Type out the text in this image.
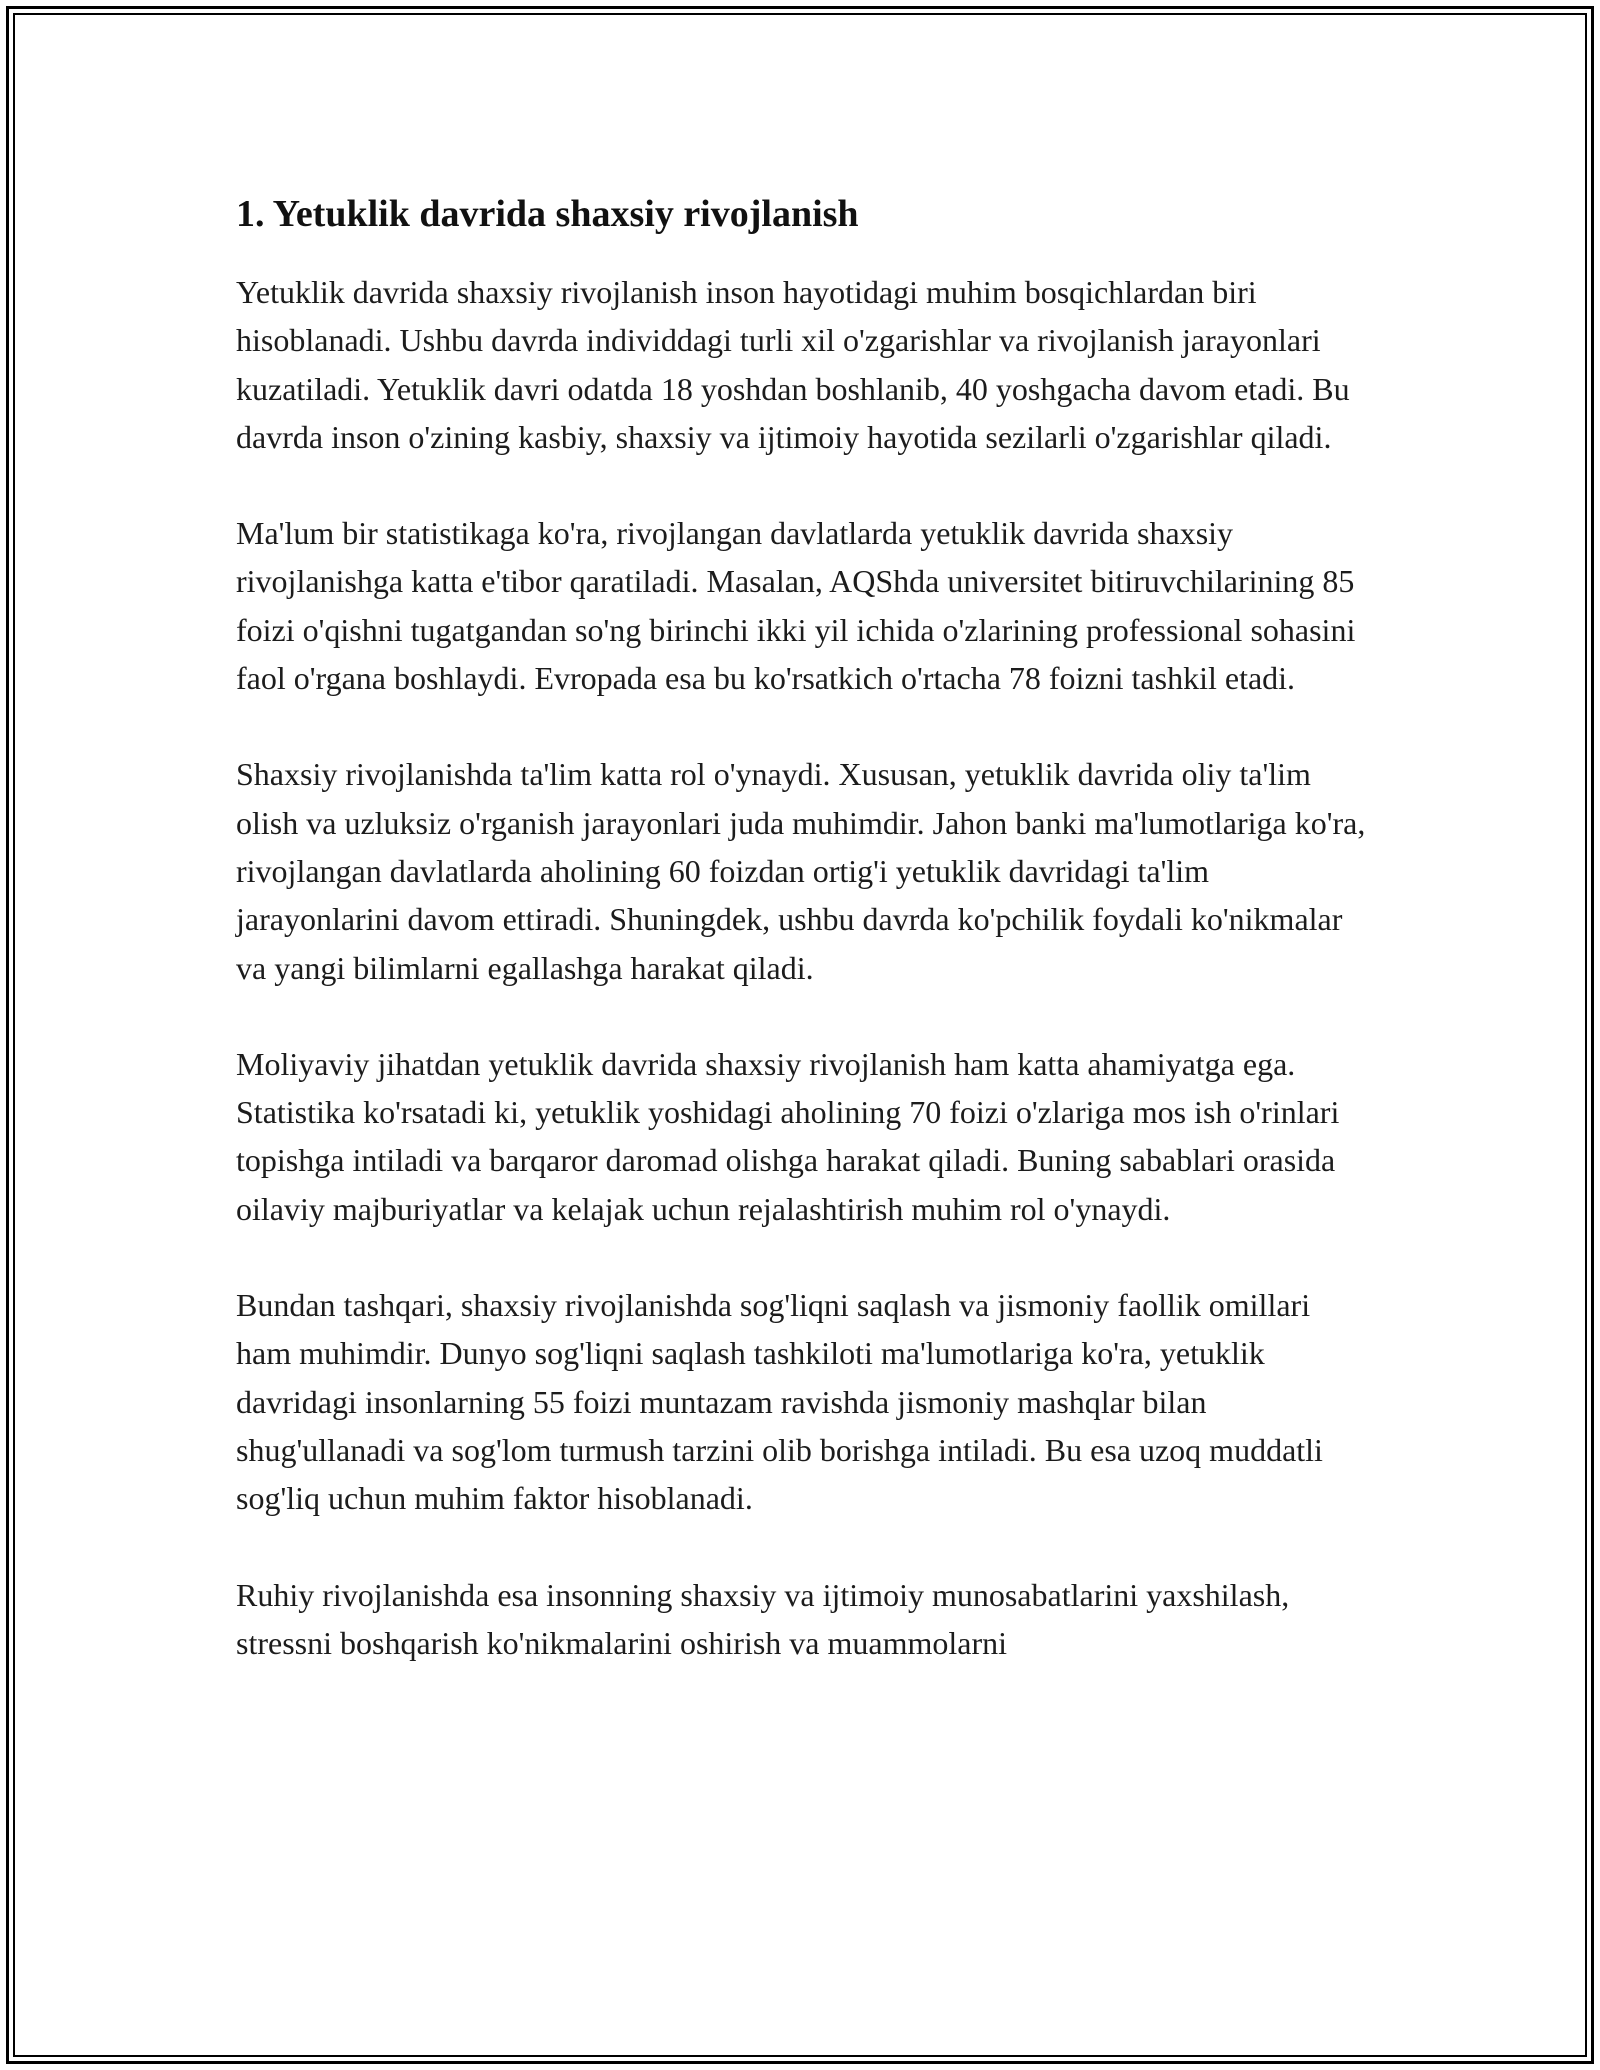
1. Yetuklik davrida shaxsiy rivojlanish

Yetuklik davrida shaxsiy rivojlanish inson hayotidagi muhim bosqichlardan biri hisoblanadi. Ushbu davrda individdagi turli xil o'zgarishlar va rivojlanish jarayonlari kuzatiladi. Yetuklik davri odatda 18 yoshdan boshlanib, 40 yoshgacha davom etadi. Bu davrda inson o'zining kasbiy, shaxsiy va ijtimoiy hayotida sezilarli o'zgarishlar qiladi.

Ma'lum bir statistikaga ko'ra, rivojlangan davlatlarda yetuklik davrida shaxsiy rivojlanishga katta e'tibor qaratiladi. Masalan, AQShda universitet bitiruvchilarining 85 foizi o'qishni tugatgandan so'ng birinchi ikki yil ichida o'zlarining professional sohasini faol o'rgana boshlaydi. Evropada esa bu ko'rsatkich o'rtacha 78 foizni tashkil etadi.

Shaxsiy rivojlanishda ta'lim katta rol o'ynaydi. Xususan, yetuklik davrida oliy ta'lim olish va uzluksiz o'rganish jarayonlari juda muhimdir. Jahon banki ma'lumotlariga ko'ra, rivojlangan davlatlarda aholining 60 foizdan ortig'i yetuklik davridagi ta'lim jarayonlarini davom ettiradi. Shuningdek, ushbu davrda ko'pchilik foydali ko'nikmalar va yangi bilimlarni egallashga harakat qiladi.

Moliyaviy jihatdan yetuklik davrida shaxsiy rivojlanish ham katta ahamiyatga ega. Statistika ko'rsatadi ki, yetuklik yoshidagi aholining 70 foizi o'zlariga mos ish o'rinlari topishga intiladi va barqaror daromad olishga harakat qiladi. Buning sabablari orasida oilaviy majburiyatlar va kelajak uchun rejalashtirish muhim rol o'ynaydi.

Bundan tashqari, shaxsiy rivojlanishda sog'liqni saqlash va jismoniy faollik omillari ham muhimdir. Dunyo sog'liqni saqlash tashkiloti ma'lumotlariga ko'ra, yetuklik davridagi insonlarning 55 foizi muntazam ravishda jismoniy mashqlar bilan shug'ullanadi va sog'lom turmush tarzini olib borishga intiladi. Bu esa uzoq muddatli sog'liq uchun muhim faktor hisoblanadi.

Ruhiy rivojlanishda esa insonning shaxsiy va ijtimoiy munosabatlarini yaxshilash, stressni boshqarish ko'nikmalarini oshirish va muammolarni
